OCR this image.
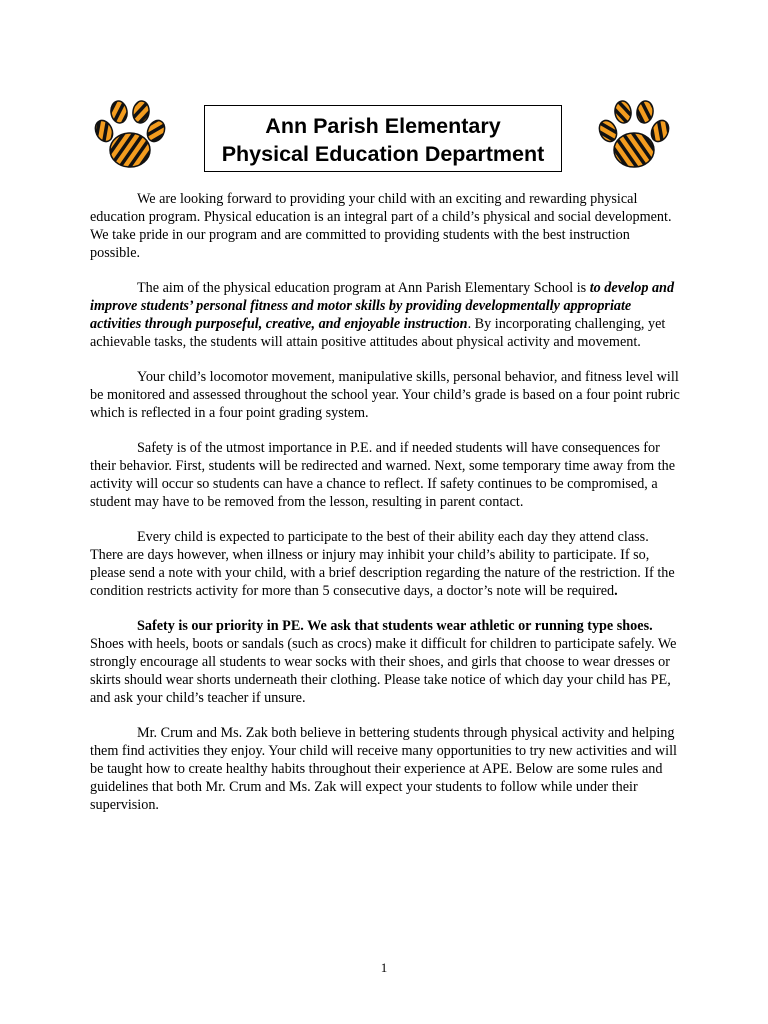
Ann Parish Elementary
Physical Education Department

We are looking forward to providing your child with an exciting and rewarding physical education program. Physical education is an integral part of a child’s physical and social development. We take pride in our program and are committed to providing students with the best instruction possible.

The aim of the physical education program at Ann Parish Elementary School is to develop and improve students’ personal fitness and motor skills by providing developmentally appropriate activities through purposeful, creative, and enjoyable instruction. By incorporating challenging, yet achievable tasks, the students will attain positive attitudes about physical activity and movement.

Your child’s locomotor movement, manipulative skills, personal behavior, and fitness level will be monitored and assessed throughout the school year. Your child’s grade is based on a four point rubric which is reflected in a four point grading system.

Safety is of the utmost importance in P.E. and if needed students will have consequences for their behavior. First, students will be redirected and warned. Next, some temporary time away from the activity will occur so students can have a chance to reflect. If safety continues to be compromised, a student may have to be removed from the lesson, resulting in parent contact.

Every child is expected to participate to the best of their ability each day they attend class. There are days however, when illness or injury may inhibit your child’s ability to participate. If so, please send a note with your child, with a brief description regarding the nature of the restriction. If the condition restricts activity for more than 5 consecutive days, a doctor’s note will be required.

Safety is our priority in PE. We ask that students wear athletic or running type shoes. Shoes with heels, boots or sandals (such as crocs) make it difficult for children to participate safely. We strongly encourage all students to wear socks with their shoes, and girls that choose to wear dresses or skirts should wear shorts underneath their clothing. Please take notice of which day your child has PE, and ask your child’s teacher if unsure.

Mr. Crum and Ms. Zak both believe in bettering students through physical activity and helping them find activities they enjoy. Your child will receive many opportunities to try new activities and will be taught how to create healthy habits throughout their experience at APE. Below are some rules and guidelines that both Mr. Crum and Ms. Zak will expect your students to follow while under their supervision.

1
